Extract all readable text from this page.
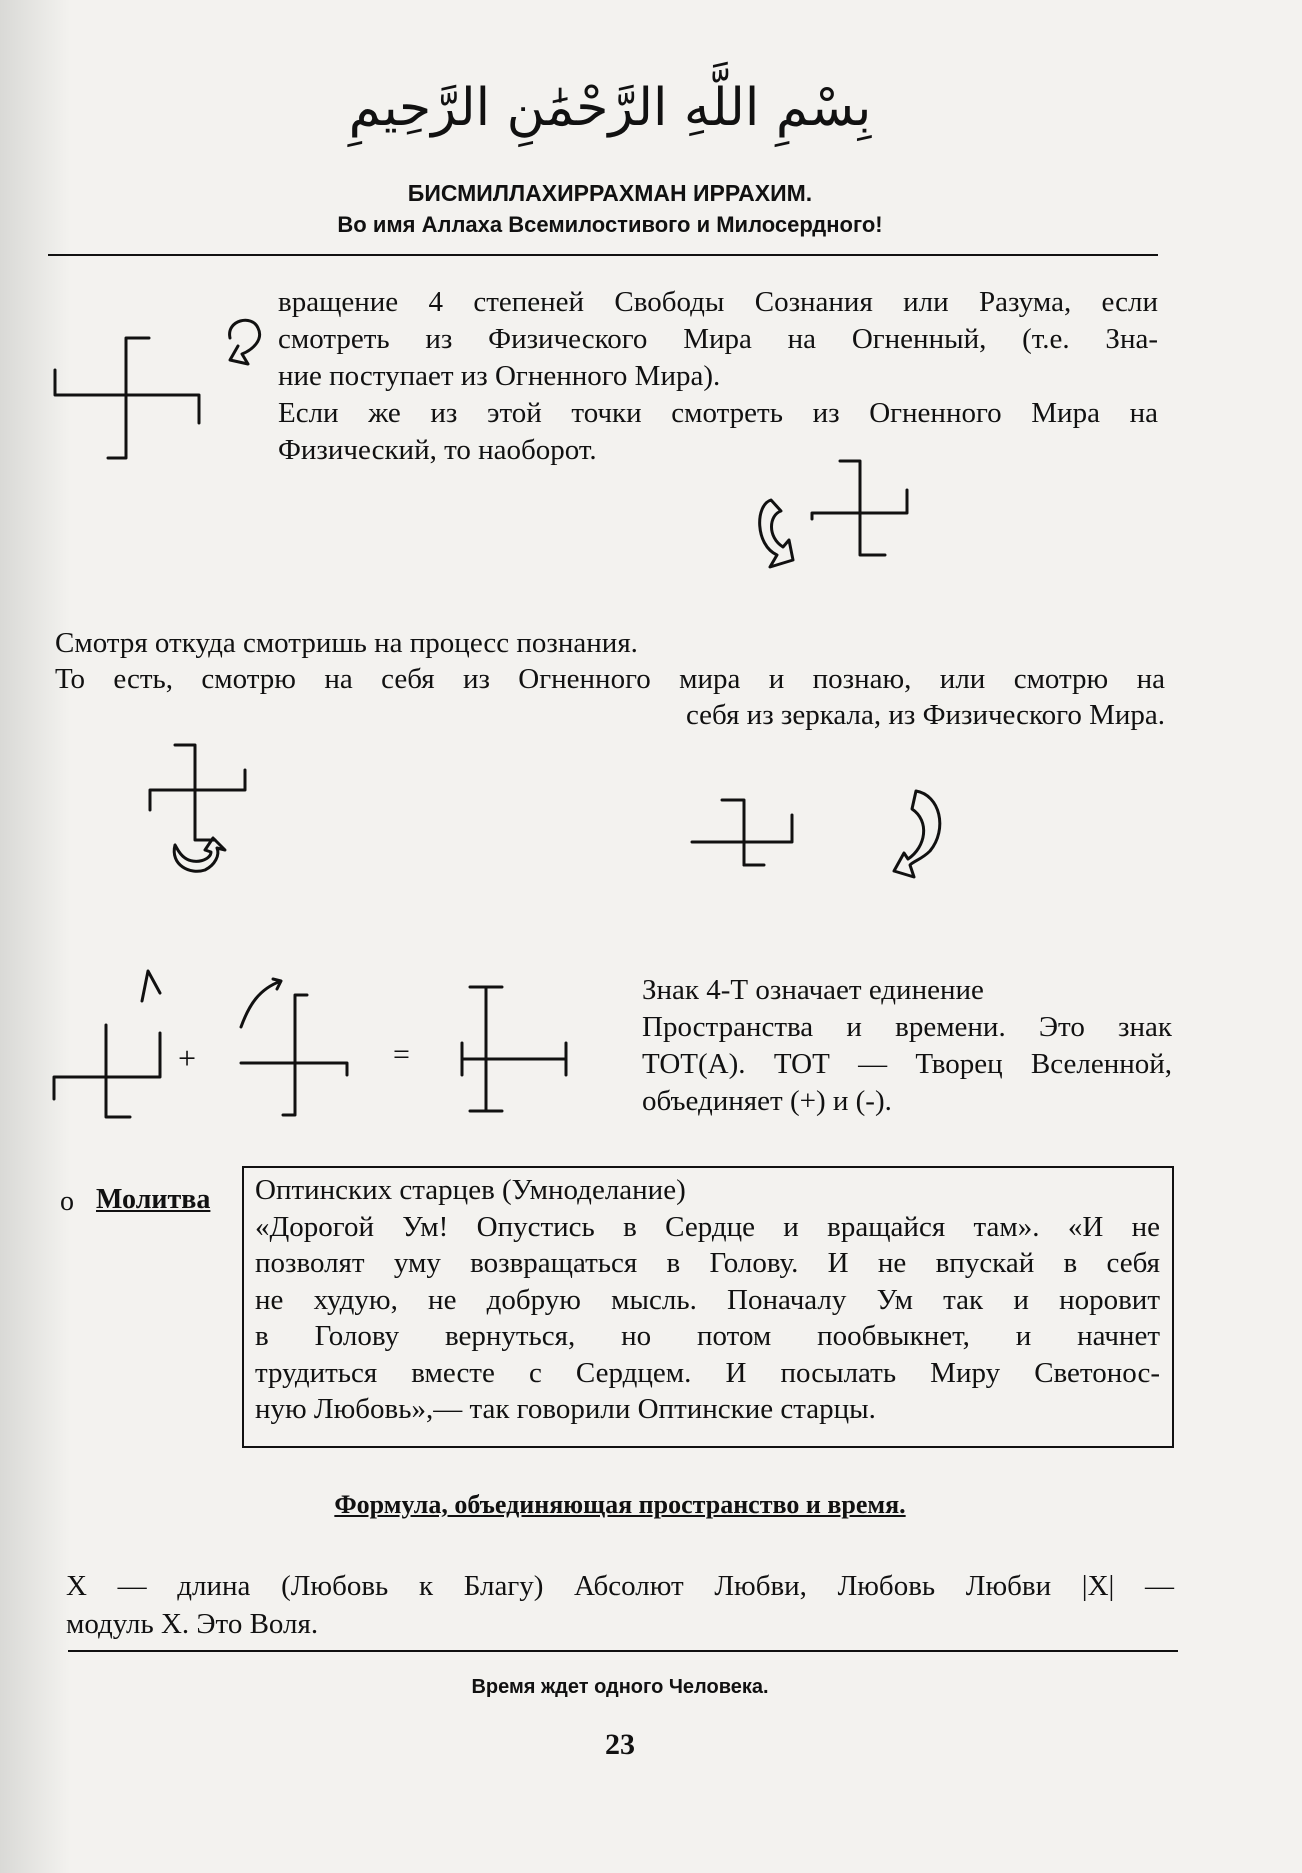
بِسْمِ اللَّهِ الرَّحْمَٰنِ الرَّحِيمِ
БИСМИЛЛАХИРРАХМАН ИРРАХИМ.
Во имя Аллаха Всемилостивого и Милосердного!
вращение 4 степеней Свободы Сознания или Разума, если
смотреть из Физического Мира на Огненный, (т.е. Зна-
ние поступает из Огненного Мира).
Если же из этой точки смотреть из Огненного Мира на
Физический, то наоборот.
Смотря откуда смотришь на процесс познания.
То есть, смотрю на себя из Огненного мира и познаю, или смотрю на
себя из зеркала, из Физического Мира.
+	=
Знак 4-Т означает единение
Пространства и времени. Это знак
ТОТ(А). ТОТ — Творец Вселенной,
объединяет (+) и (-).
о Молитва Оптинских старцев (Умноделание)
«Дорогой Ум! Опустись в Сердце и вращайся там». «И не
позволят уму возвращаться в Голову. И не впускай в себя
не худую, не добрую мысль. Поначалу Ум так и норовит
в Голову вернуться, но потом пообвыкнет, и начнет
трудиться вместе с Сердцем. И посылать Миру Светонос-
ную Любовь»,— так говорили Оптинские старцы.
Формула, объединяющая пространство и время.
Х — длина (Любовь к Благу) Абсолют Любви, Любовь Любви |Х| —
модуль Х. Это Воля.
Время ждет одного Человека.
23
